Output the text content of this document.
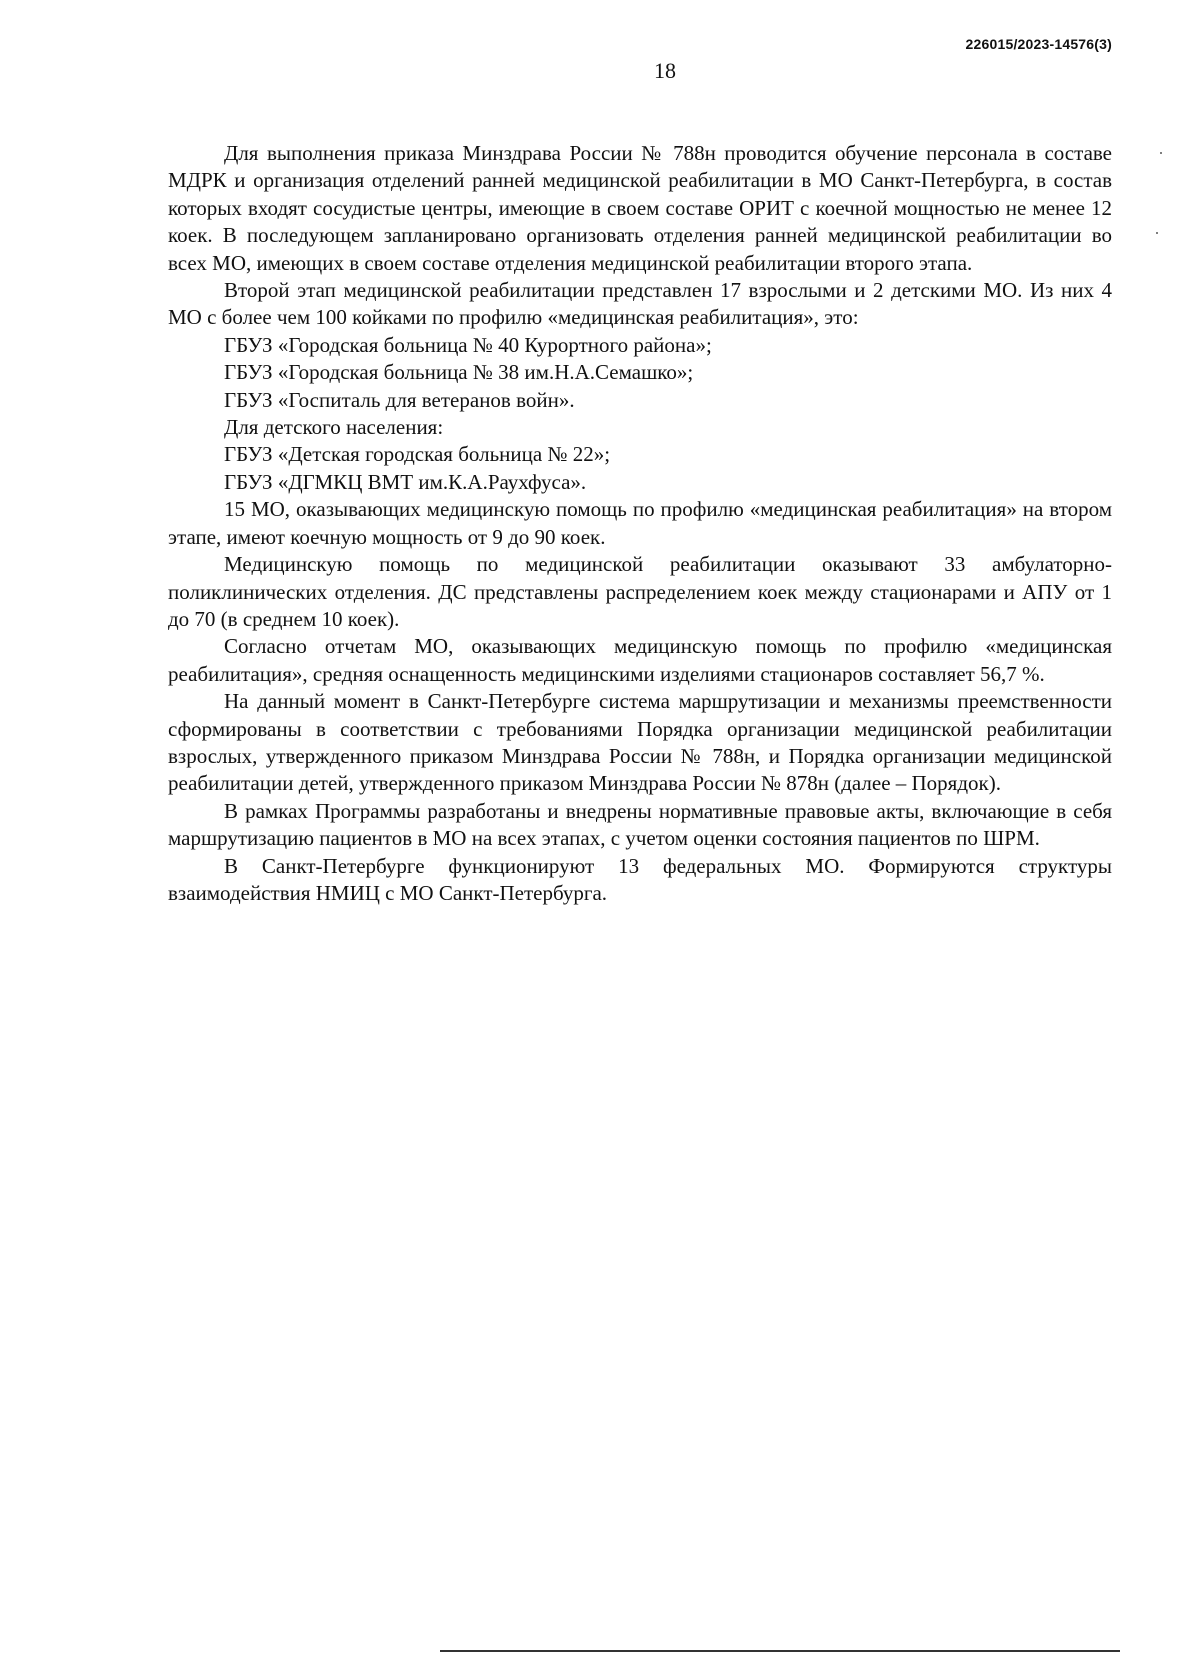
226015/2023-14576(3)
18

Для выполнения приказа Минздрава России № 788н проводится обучение персонала в составе МДРК и организация отделений ранней медицинской реабилитации в МО Санкт-Петербурга, в состав которых входят сосудистые центры, имеющие в своем составе ОРИТ с коечной мощностью не менее 12 коек. В последующем запланировано организовать отделения ранней медицинской реабилитации во всех МО, имеющих в своем составе отделения медицинской реабилитации второго этапа.

Второй этап медицинской реабилитации представлен 17 взрослыми и 2 детскими МО. Из них 4 МО с более чем 100 койками по профилю «медицинская реабилитация», это:

ГБУЗ «Городская больница № 40 Курортного района»;

ГБУЗ «Городская больница № 38 им.Н.А.Семашко»;

ГБУЗ «Госпиталь для ветеранов войн».

Для детского населения:

ГБУЗ «Детская городская больница № 22»;

ГБУЗ «ДГМКЦ ВМТ им.К.А.Раухфуса».

15 МО, оказывающих медицинскую помощь по профилю «медицинская реабилитация» на втором этапе, имеют коечную мощность от 9 до 90 коек.

Медицинскую помощь по медицинской реабилитации оказывают 33 амбулаторно-поликлинических отделения. ДС представлены распределением коек между стационарами и АПУ от 1 до 70 (в среднем 10 коек).

Согласно отчетам МО, оказывающих медицинскую помощь по профилю «медицинская реабилитация», средняя оснащенность медицинскими изделиями стационаров составляет 56,7 %.

На данный момент в Санкт-Петербурге система маршрутизации и механизмы преемственности сформированы в соответствии с требованиями Порядка организации медицинской реабилитации взрослых, утвержденного приказом Минздрава России № 788н, и Порядка организации медицинской реабилитации детей, утвержденного приказом Минздрава России № 878н (далее – Порядок).

В рамках Программы разработаны и внедрены нормативные правовые акты, включающие в себя маршрутизацию пациентов в МО на всех этапах, с учетом оценки состояния пациентов по ШРМ.

В Санкт-Петербурге функционируют 13 федеральных МО. Формируются структуры взаимодействия НМИЦ с МО Санкт-Петербурга.
